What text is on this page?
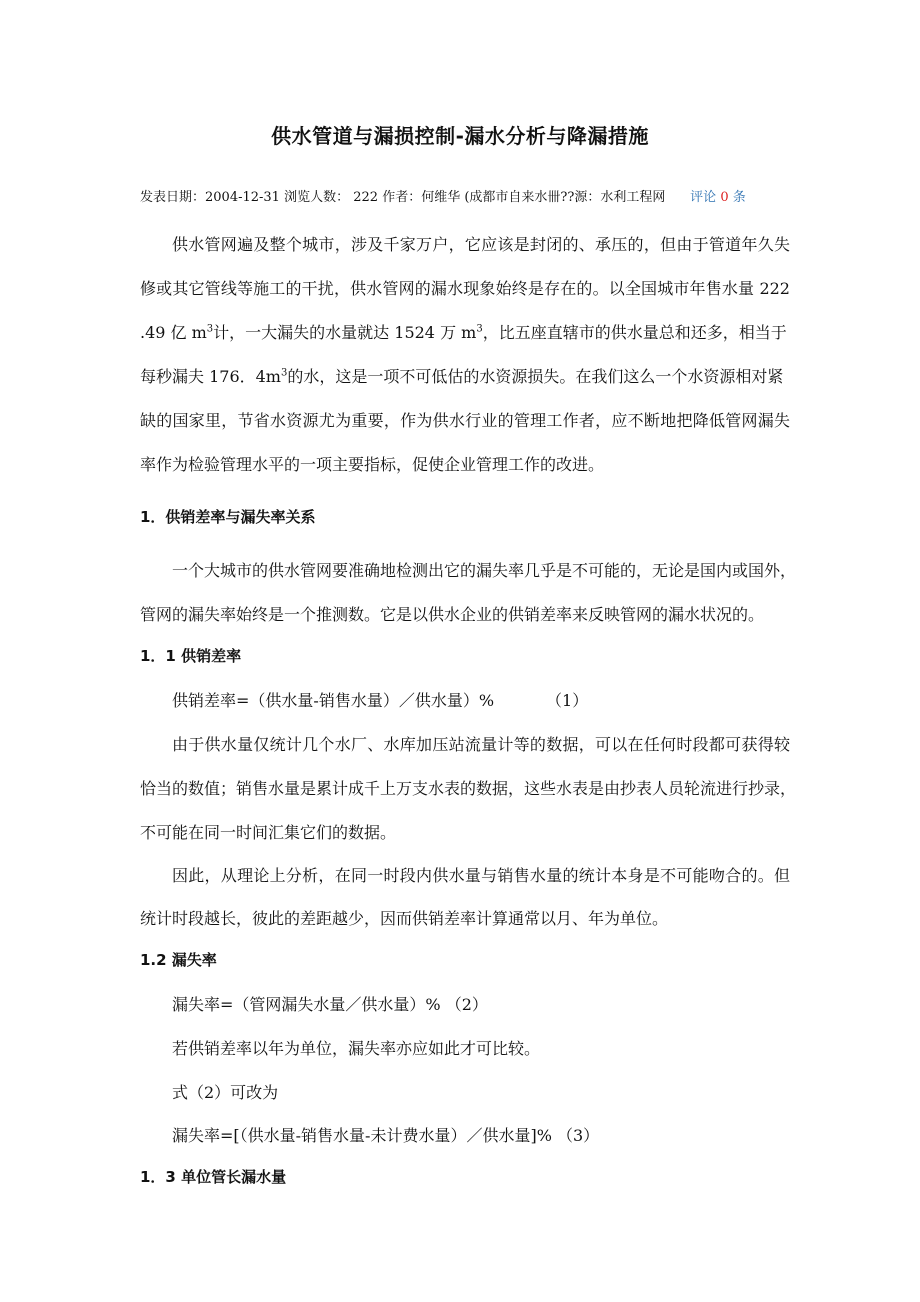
供水管道与漏损控制-漏水分析与降漏措施
发表日期：2004-12-31 浏览人数： 222 作者：何维华 (成都市自来水卌??源：水利工程网 评论 0 条
供水管网遍及整个城市，涉及千家万户，它应该是封闭的、承压的，但由于管道年久失
修或其它管线等施工的干扰，供水管网的漏水现象始终是存在的。以全国城市年售水量 222
.49 亿 $m^3$计，一大漏失的水量就达 1524 万 $m^3$，比五座直辖市的供水量总和还多，相当于
每秒漏夫 176．$4m^3$的水，这是一项不可低估的水资源损失。在我们这么一个水资源相对紧
缺的国家里，节省水资源尤为重要，作为供水行业的管理工作者，应不断地把降低管网漏失
率作为检验管理水平的一项主要指标，促使企业管理工作的改进。
1．供销差率与漏失率关系
一个大城市的供水管网要准确地检测出它的漏失率几乎是不可能的，无论是国内或国外，
管网的漏失率始终是一个推测数。它是以供水企业的供销差率来反映管网的漏水状况的。
1．1 供销差率
供销差率=（供水量-销售水量）／供水量）%	（1）
由于供水量仅统计几个水厂、水库加压站流量计等的数据，可以在任何时段都可获得较
恰当的数值；销售水量是累计成千上万支水表的数据，这些水表是由抄表人员轮流进行抄录，
不可能在同一时间汇集它们的数据。
因此，从理论上分析，在同一时段内供水量与销售水量的统计本身是不可能吻合的。但
统计时段越长，彼此的差距越少，因而供销差率计算通常以月、年为单位。
1.2 漏失率
漏失率=（管网漏失水量／供水量）% （2）
若供销差率以年为单位，漏失率亦应如此才可比较。
式（2）可改为
漏失率=[（供水量-销售水量-未计费水量）／供水量]% （3）
1．3 单位管长漏水量
